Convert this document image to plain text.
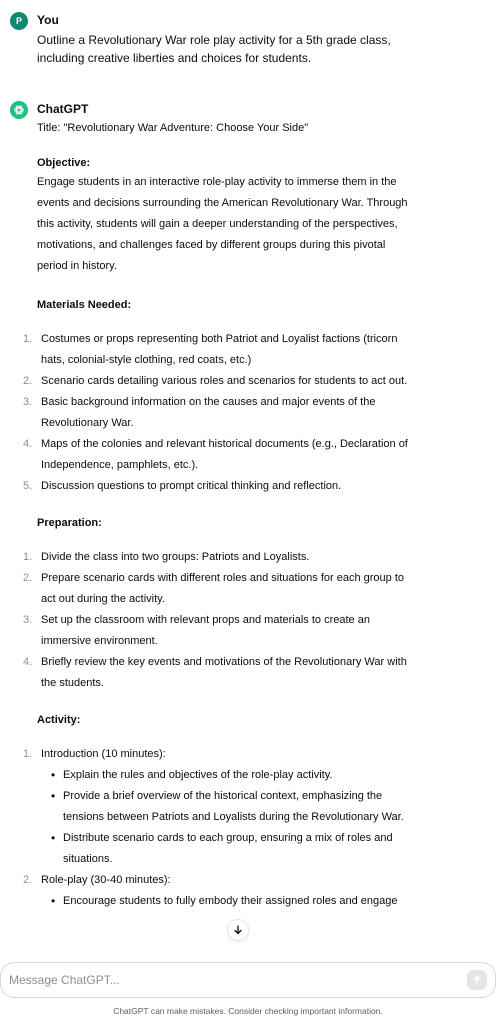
P You
Outline a Revolutionary War role play activity for a 5th grade class, including creative liberties and choices for students.
ChatGPT
Title: "Revolutionary War Adventure: Choose Your Side"
Objective:
Engage students in an interactive role-play activity to immerse them in the events and decisions surrounding the American Revolutionary War. Through this activity, students will gain a deeper understanding of the perspectives, motivations, and challenges faced by different groups during this pivotal period in history.
Materials Needed:
1. Costumes or props representing both Patriot and Loyalist factions (tricorn hats, colonial-style clothing, red coats, etc.)
2. Scenario cards detailing various roles and scenarios for students to act out.
3. Basic background information on the causes and major events of the Revolutionary War.
4. Maps of the colonies and relevant historical documents (e.g., Declaration of Independence, pamphlets, etc.).
5. Discussion questions to prompt critical thinking and reflection.
Preparation:
1. Divide the class into two groups: Patriots and Loyalists.
2. Prepare scenario cards with different roles and situations for each group to act out during the activity.
3. Set up the classroom with relevant props and materials to create an immersive environment.
4. Briefly review the key events and motivations of the Revolutionary War with the students.
Activity:
1. Introduction (10 minutes):
• Explain the rules and objectives of the role-play activity.
• Provide a brief overview of the historical context, emphasizing the tensions between Patriots and Loyalists during the Revolutionary War.
• Distribute scenario cards to each group, ensuring a mix of roles and situations.
2. Role-play (30-40 minutes):
• Encourage students to fully embody their assigned roles and engage
Message ChatGPT...
ChatGPT can make mistakes. Consider checking important information.
